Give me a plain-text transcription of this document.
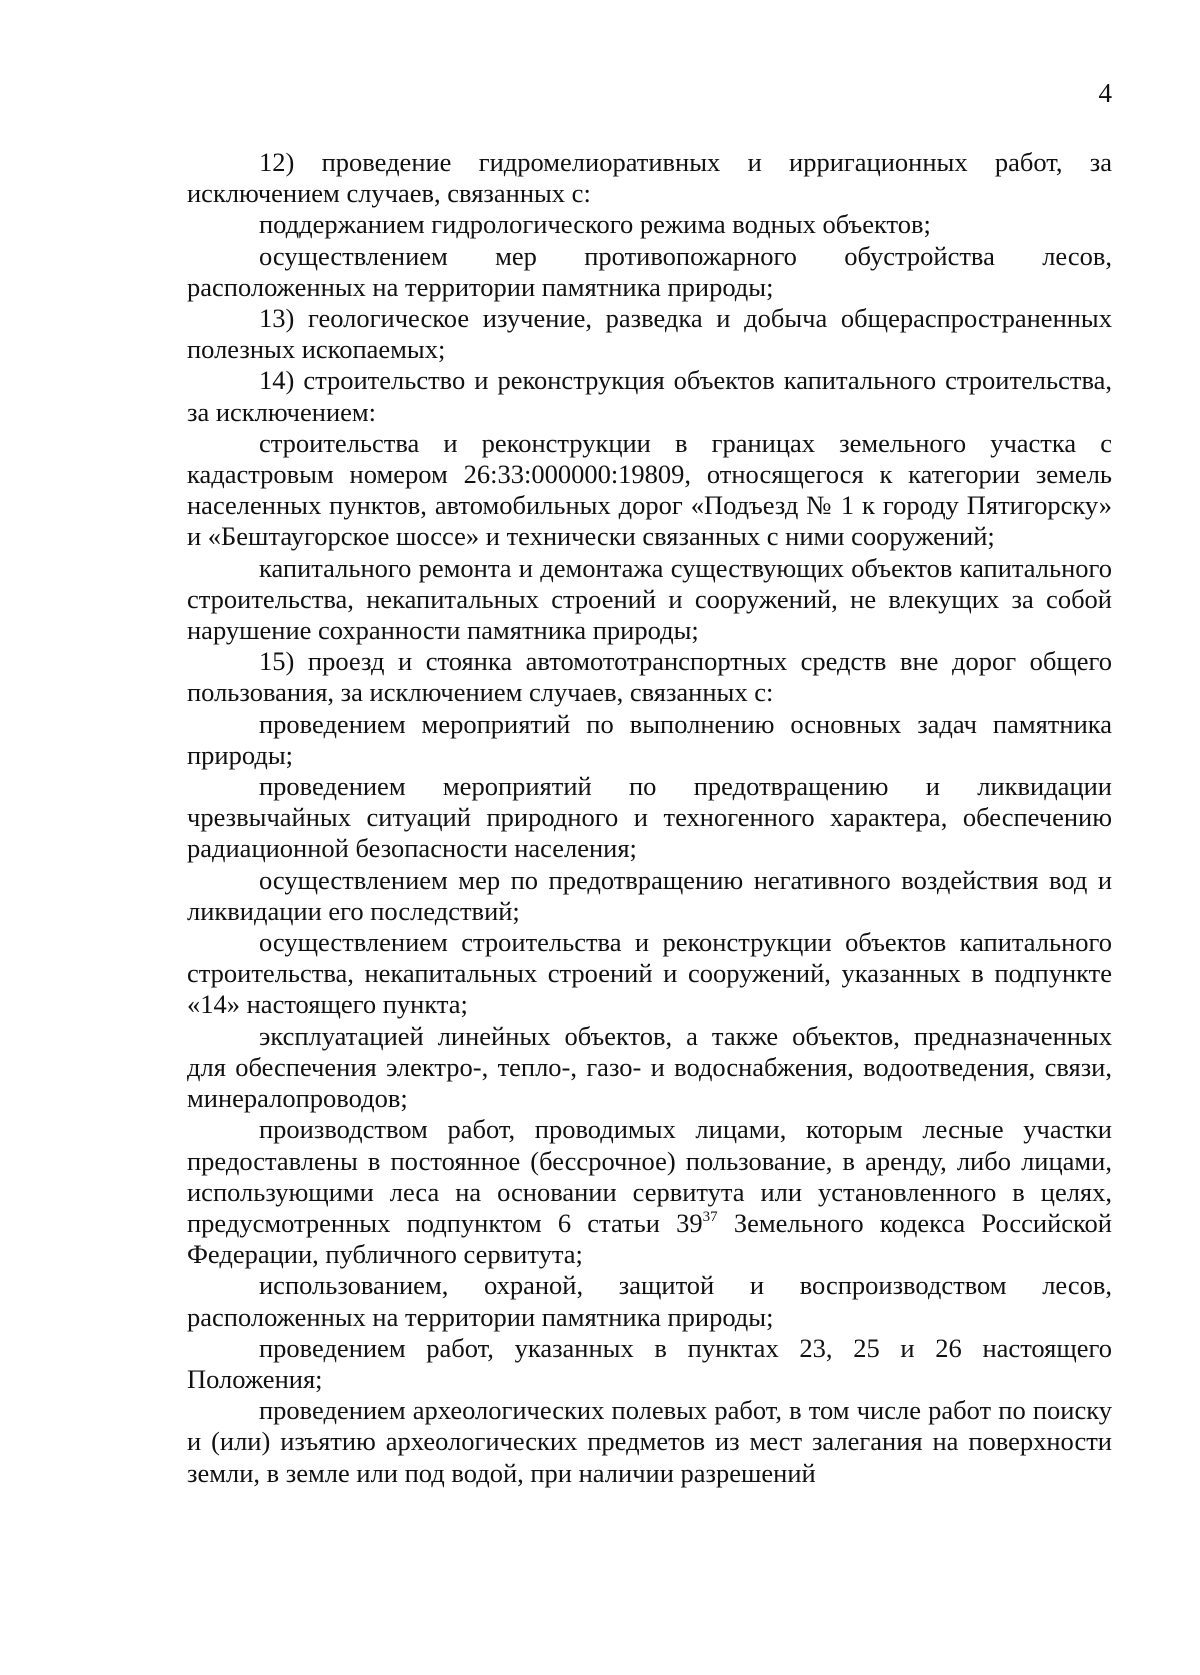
4

12) проведение гидромелиоративных и ирригационных работ, за исключением случаев, связанных с:

поддержанием гидрологического режима водных объектов;

осуществлением мер противопожарного обустройства лесов, расположенных на территории памятника природы;

13) геологическое изучение, разведка и добыча общераспространенных полезных ископаемых;

14) строительство и реконструкция объектов капитального строительства, за исключением:

строительства и реконструкции в границах земельного участка с кадастровым номером 26:33:000000:19809, относящегося к категории земель населенных пунктов, автомобильных дорог «Подъезд № 1 к городу Пятигорску» и «Бештаугорское шоссе» и технически связанных с ними сооружений;

капитального ремонта и демонтажа существующих объектов капитального строительства, некапитальных строений и сооружений, не влекущих за собой нарушение сохранности памятника природы;

15) проезд и стоянка автомототранспортных средств вне дорог общего пользования, за исключением случаев, связанных с:

проведением мероприятий по выполнению основных задач памятника природы;

проведением мероприятий по предотвращению и ликвидации чрезвычайных ситуаций природного и техногенного характера, обеспечению радиационной безопасности населения;

осуществлением мер по предотвращению негативного воздействия вод и ликвидации его последствий;

осуществлением строительства и реконструкции объектов капитального строительства, некапитальных строений и сооружений, указанных в подпункте «14» настоящего пункта;

эксплуатацией линейных объектов, а также объектов, предназначенных для обеспечения электро-, тепло-, газо- и водоснабжения, водоотведения, связи, минералопроводов;

производством работ, проводимых лицами, которым лесные участки предоставлены в постоянное (бессрочное) пользование, в аренду, либо лицами, использующими леса на основании сервитута или установленного в целях, предусмотренных подпунктом 6 статьи $39^{37}$ Земельного кодекса Российской Федерации, публичного сервитута;

использованием, охраной, защитой и воспроизводством лесов, расположенных на территории памятника природы;

проведением работ, указанных в пунктах 23, 25 и 26 настоящего Положения;

проведением археологических полевых работ, в том числе работ по поиску и (или) изъятию археологических предметов из мест залегания на поверхности земли, в земле или под водой, при наличии разрешений
